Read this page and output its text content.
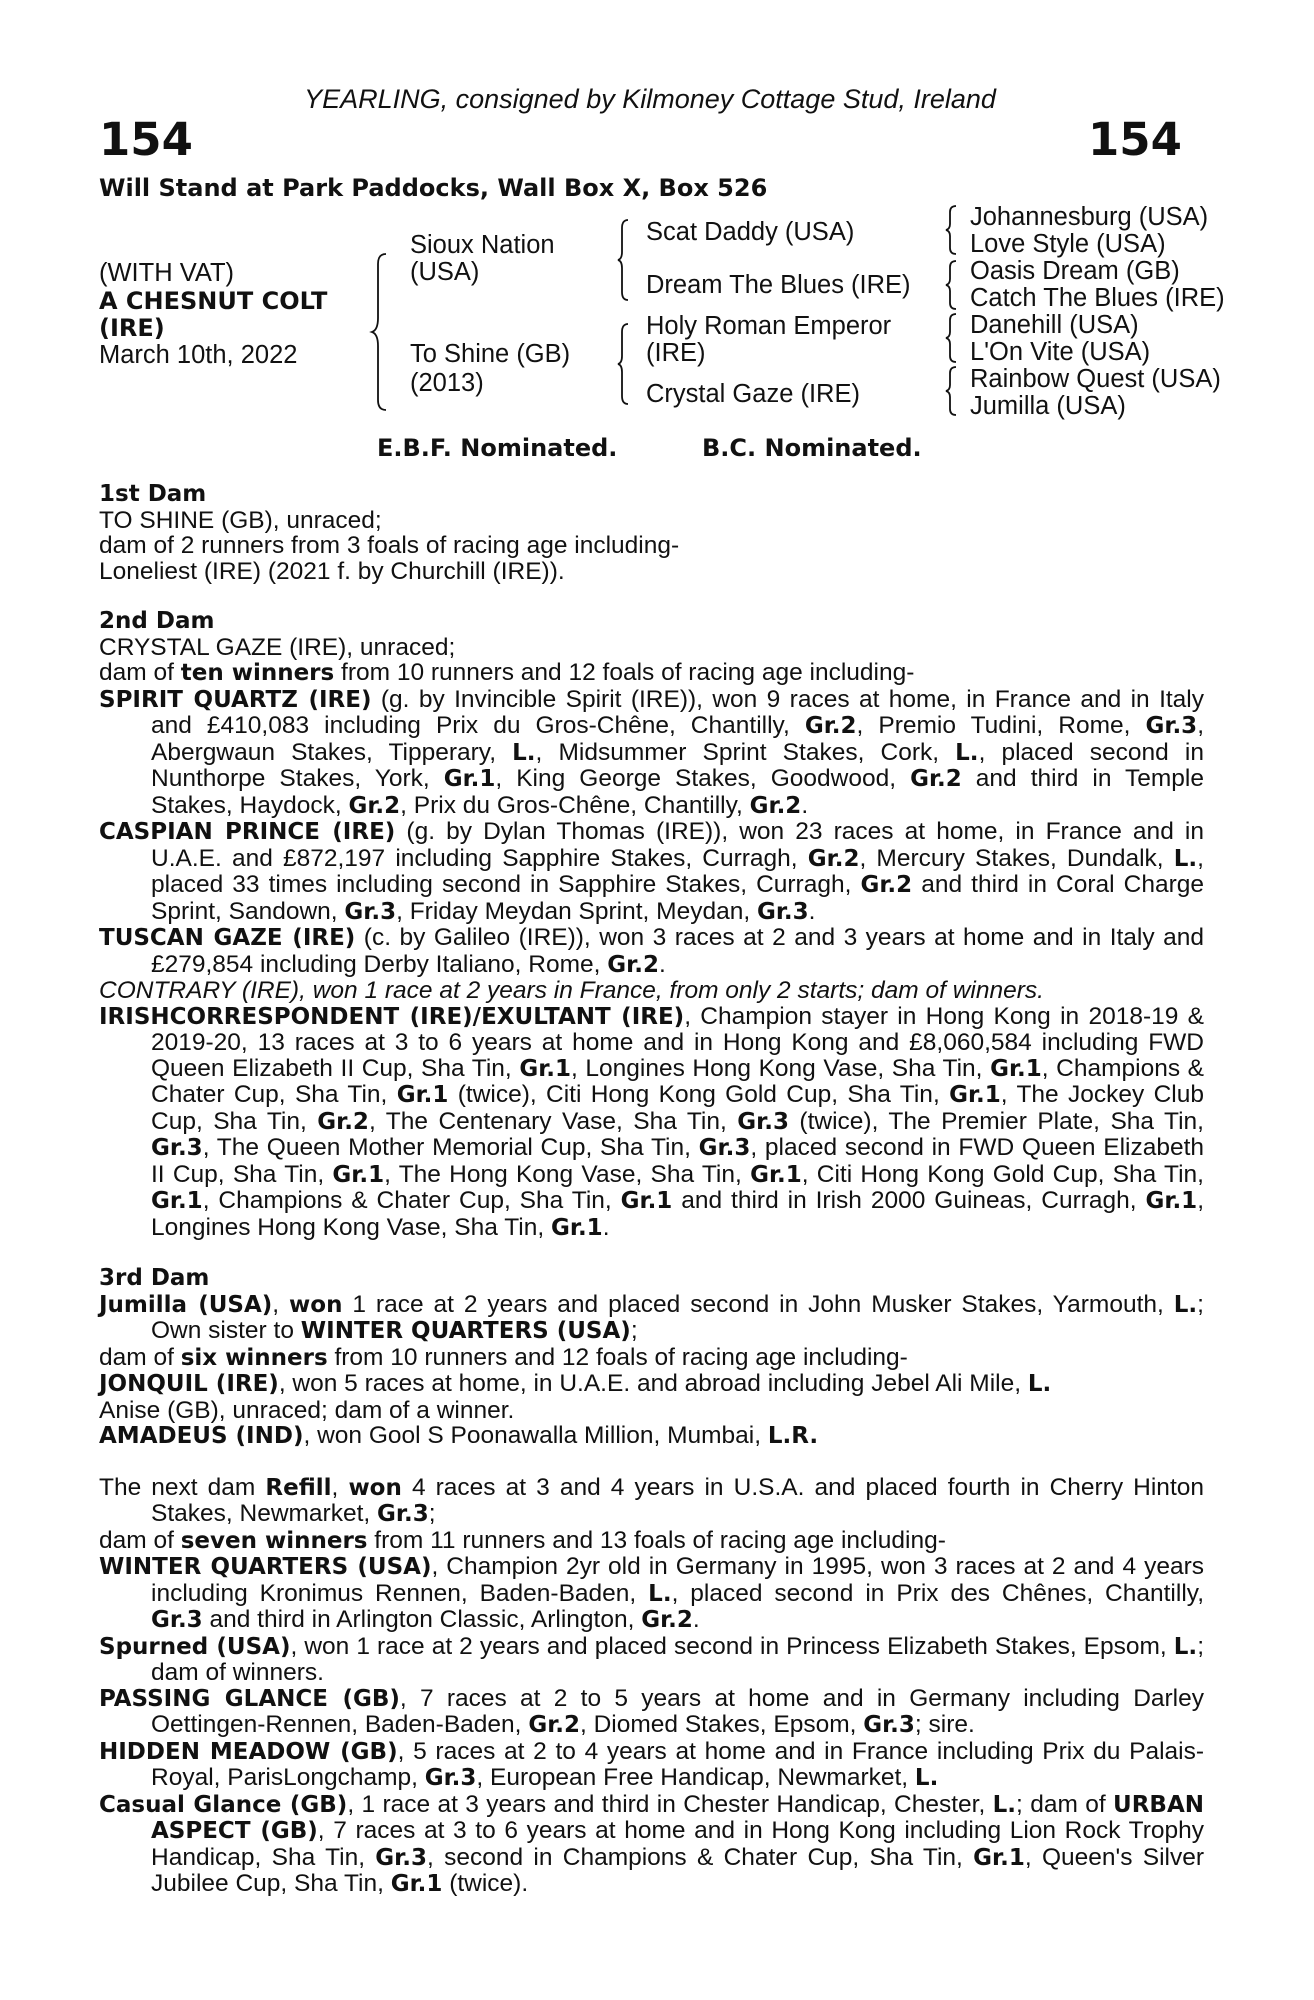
YEARLING, consigned by Kilmoney Cottage Stud, Ireland
154	154
Will Stand at Park Paddocks, Wall Box X, Box 526
(WITH VAT)
A CHESNUT COLT
(IRE)
March 10th, 2022
Sioux Nation
(USA)
To Shine (GB)
(2013)
Scat Daddy (USA)
Dream The Blues (IRE)
Holy Roman Emperor
(IRE)
Crystal Gaze (IRE)
Johannesburg (USA)
Love Style (USA)
Oasis Dream (GB)
Catch The Blues (IRE)
Danehill (USA)
L'On Vite (USA)
Rainbow Quest (USA)
Jumilla (USA)
E.B.F. Nominated.	B.C. Nominated.

1st Dam

TO SHINE (GB), unraced;

dam of 2 runners from 3 foals of racing age including-

Loneliest (IRE) (2021 f. by Churchill (IRE)).

2nd Dam

CRYSTAL GAZE (IRE), unraced;

dam of ten winners from 10 runners and 12 foals of racing age including-

SPIRIT QUARTZ (IRE) (g. by Invincible Spirit (IRE)), won 9 races at home, in France and in Italy and £410,083 including Prix du Gros-Chêne, Chantilly, Gr.2, Premio Tudini, Rome, Gr.3, Abergwaun Stakes, Tipperary, L., Midsummer Sprint Stakes, Cork, L., placed second in Nunthorpe Stakes, York, Gr.1, King George Stakes, Goodwood, Gr.2 and third in Temple Stakes, Haydock, Gr.2, Prix du Gros-Chêne, Chantilly, Gr.2.

CASPIAN PRINCE (IRE) (g. by Dylan Thomas (IRE)), won 23 races at home, in France and in U.A.E. and £872,197 including Sapphire Stakes, Curragh, Gr.2, Mercury Stakes, Dundalk, L., placed 33 times including second in Sapphire Stakes, Curragh, Gr.2 and third in Coral Charge Sprint, Sandown, Gr.3, Friday Meydan Sprint, Meydan, Gr.3.

TUSCAN GAZE (IRE) (c. by Galileo (IRE)), won 3 races at 2 and 3 years at home and in Italy and £279,854 including Derby Italiano, Rome, Gr.2.

CONTRARY (IRE), won 1 race at 2 years in France, from only 2 starts; dam of winners.

IRISHCORRESPONDENT (IRE)/EXULTANT (IRE), Champion stayer in Hong Kong in 2018-19 & 2019-20, 13 races at 3 to 6 years at home and in Hong Kong and £8,060,584 including FWD Queen Elizabeth II Cup, Sha Tin, Gr.1, Longines Hong Kong Vase, Sha Tin, Gr.1, Champions & Chater Cup, Sha Tin, Gr.1 (twice), Citi Hong Kong Gold Cup, Sha Tin, Gr.1, The Jockey Club Cup, Sha Tin, Gr.2, The Centenary Vase, Sha Tin, Gr.3 (twice), The Premier Plate, Sha Tin, Gr.3, The Queen Mother Memorial Cup, Sha Tin, Gr.3, placed second in FWD Queen Elizabeth II Cup, Sha Tin, Gr.1, The Hong Kong Vase, Sha Tin, Gr.1, Citi Hong Kong Gold Cup, Sha Tin, Gr.1, Champions & Chater Cup, Sha Tin, Gr.1 and third in Irish 2000 Guineas, Curragh, Gr.1, Longines Hong Kong Vase, Sha Tin, Gr.1.

3rd Dam

Jumilla (USA), won 1 race at 2 years and placed second in John Musker Stakes, Yarmouth, L.; Own sister to WINTER QUARTERS (USA);

dam of six winners from 10 runners and 12 foals of racing age including-

JONQUIL (IRE), won 5 races at home, in U.A.E. and abroad including Jebel Ali Mile, L.

Anise (GB), unraced; dam of a winner.

AMADEUS (IND), won Gool S Poonawalla Million, Mumbai, L.R.

The next dam Refill, won 4 races at 3 and 4 years in U.S.A. and placed fourth in Cherry Hinton Stakes, Newmarket, Gr.3;

dam of seven winners from 11 runners and 13 foals of racing age including-

WINTER QUARTERS (USA), Champion 2yr old in Germany in 1995, won 3 races at 2 and 4 years including Kronimus Rennen, Baden-Baden, L., placed second in Prix des Chênes, Chantilly, Gr.3 and third in Arlington Classic, Arlington, Gr.2.

Spurned (USA), won 1 race at 2 years and placed second in Princess Elizabeth Stakes, Epsom, L.; dam of winners.

PASSING GLANCE (GB), 7 races at 2 to 5 years at home and in Germany including Darley Oettingen-Rennen, Baden-Baden, Gr.2, Diomed Stakes, Epsom, Gr.3; sire.

HIDDEN MEADOW (GB), 5 races at 2 to 4 years at home and in France including Prix du Palais-Royal, ParisLongchamp, Gr.3, European Free Handicap, Newmarket, L.

Casual Glance (GB), 1 race at 3 years and third in Chester Handicap, Chester, L.; dam of URBAN ASPECT (GB), 7 races at 3 to 6 years at home and in Hong Kong including Lion Rock Trophy Handicap, Sha Tin, Gr.3, second in Champions & Chater Cup, Sha Tin, Gr.1, Queen's Silver Jubilee Cup, Sha Tin, Gr.1 (twice).
